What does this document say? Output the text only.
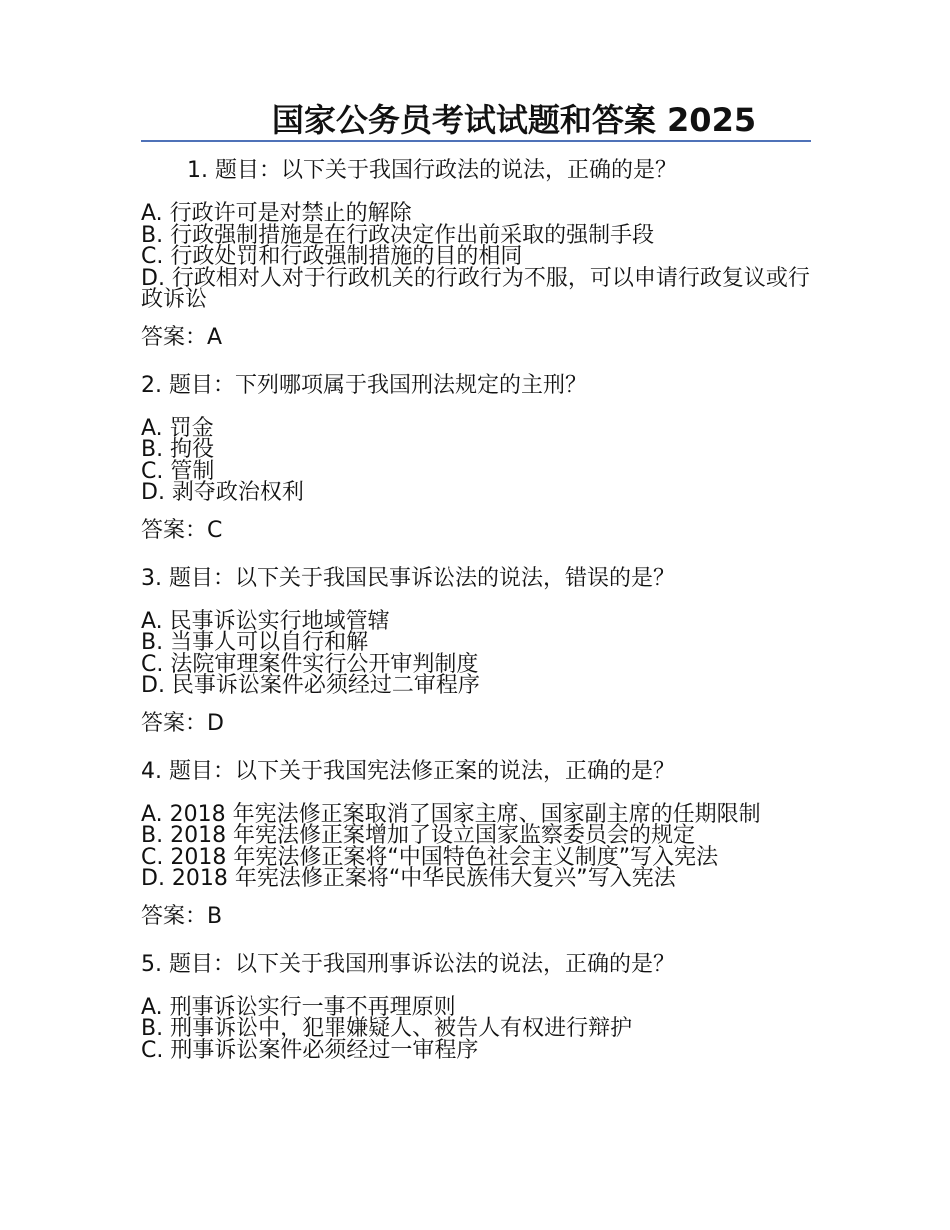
国家公务员考试试题和答案 2025

1. 题目：以下关于我国行政法的说法，正确的是？

A. 行政许可是对禁止的解除

B. 行政强制措施是在行政决定作出前采取的强制手段

C. 行政处罚和行政强制措施的目的相同

D. 行政相对人对于行政机关的行政行为不服，可以申请行政复议或行政诉讼

答案：A

2. 题目：下列哪项属于我国刑法规定的主刑？

A. 罚金

B. 拘役

C. 管制

D. 剥夺政治权利

答案：C

3. 题目：以下关于我国民事诉讼法的说法，错误的是？

A. 民事诉讼实行地域管辖

B. 当事人可以自行和解

C. 法院审理案件实行公开审判制度

D. 民事诉讼案件必须经过二审程序

答案：D

4. 题目：以下关于我国宪法修正案的说法，正确的是？

A. 2018 年宪法修正案取消了国家主席、国家副主席的任期限制

B. 2018 年宪法修正案增加了设立国家监察委员会的规定

C. 2018 年宪法修正案将“中国特色社会主义制度”写入宪法

D. 2018 年宪法修正案将“中华民族伟大复兴”写入宪法

答案：B

5. 题目：以下关于我国刑事诉讼法的说法，正确的是？

A. 刑事诉讼实行一事不再理原则

B. 刑事诉讼中，犯罪嫌疑人、被告人有权进行辩护

C. 刑事诉讼案件必须经过一审程序
